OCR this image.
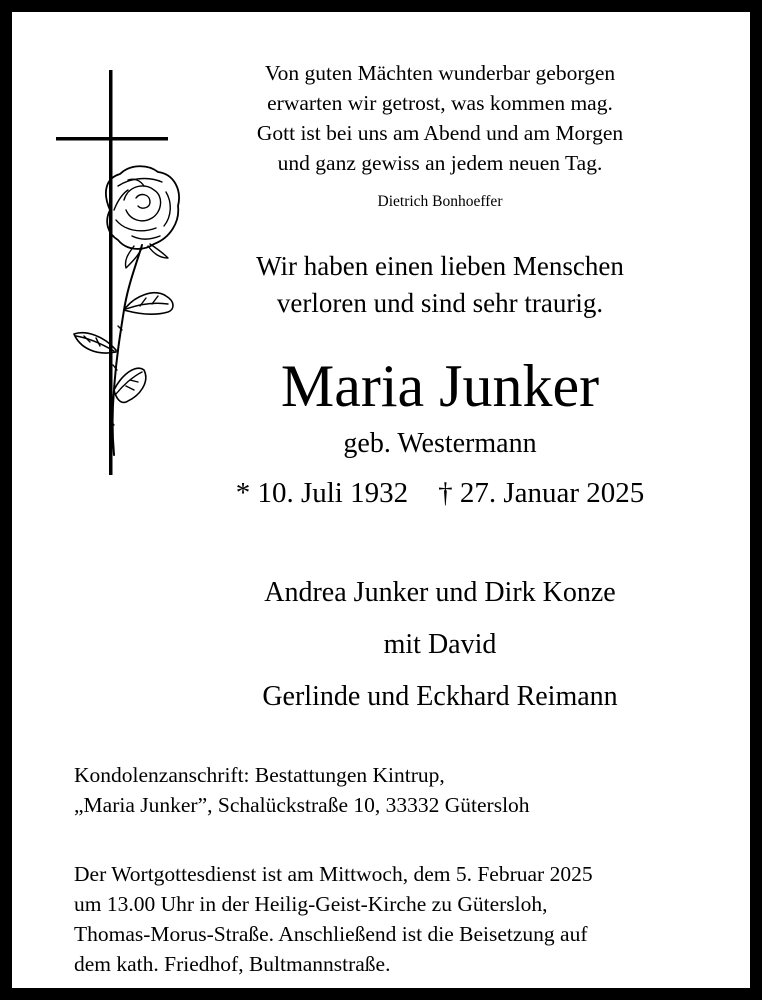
Von guten Mächten wunderbar geborgen
erwarten wir getrost, was kommen mag.
Gott ist bei uns am Abend und am Morgen
und ganz gewiss an jedem neuen Tag.
Dietrich Bonhoeffer
Wir haben einen lieben Menschen
verloren und sind sehr traurig.
Maria Junker
geb. Westermann
* 10. Juli 1932 † 27. Januar 2025
Andrea Junker und Dirk Konze
mit David
Gerlinde und Eckhard Reimann
Kondolenzanschrift: Bestattungen Kintrup,
„Maria Junker”, Schalückstraße 10, 33332 Gütersloh
Der Wortgottesdienst ist am Mittwoch, dem 5. Februar 2025
um 13.00 Uhr in der Heilig-Geist-Kirche zu Gütersloh,
Thomas-Morus-Straße. Anschließend ist die Beisetzung auf
dem kath. Friedhof, Bultmannstraße.
